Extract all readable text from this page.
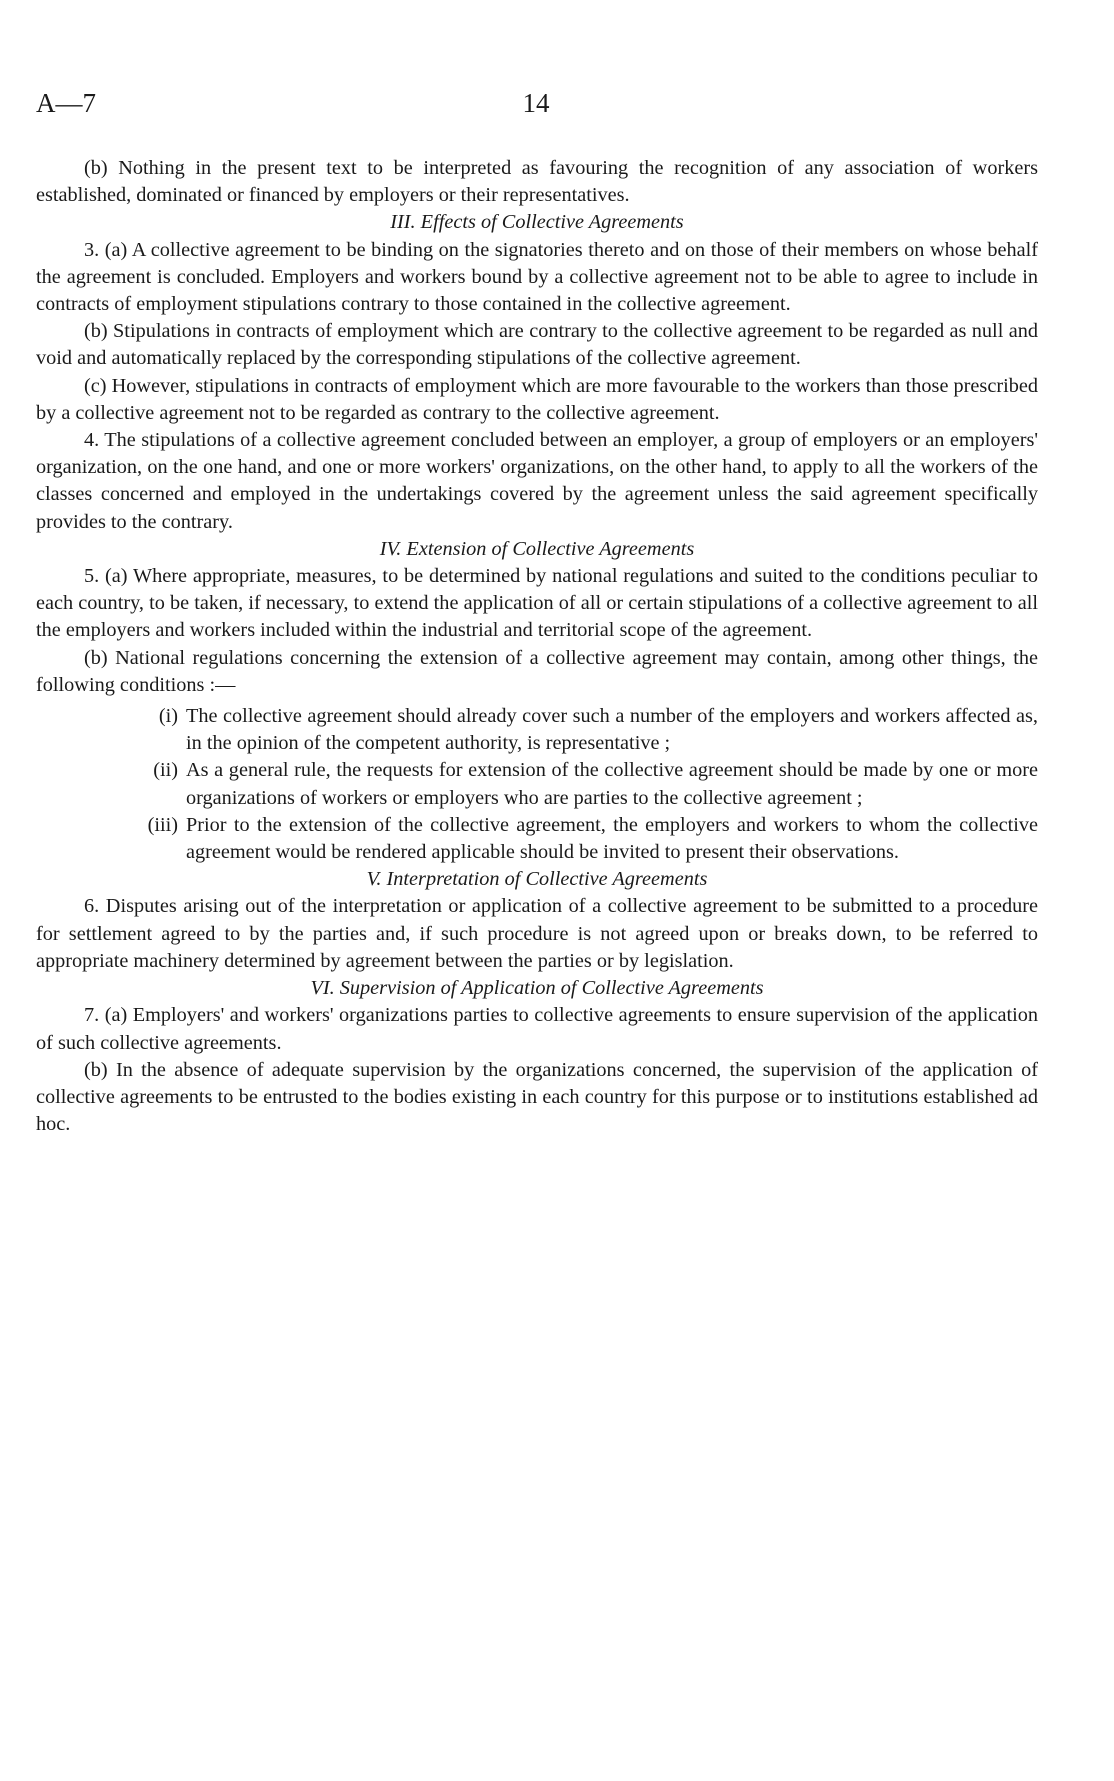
A—7	14

(b) Nothing in the present text to be interpreted as favouring the recognition of any association of workers established, dominated or financed by employers or their representatives.

III. Effects of Collective Agreements

3. (a) A collective agreement to be binding on the signatories thereto and on those of their members on whose behalf the agreement is concluded. Employers and workers bound by a collective agreement not to be able to agree to include in contracts of employment stipulations contrary to those contained in the collective agreement.

(b) Stipulations in contracts of employment which are contrary to the collective agreement to be regarded as null and void and automatically replaced by the corresponding stipulations of the collective agreement.

(c) However, stipulations in contracts of employment which are more favourable to the workers than those prescribed by a collective agreement not to be regarded as contrary to the collective agreement.

4. The stipulations of a collective agreement concluded between an employer, a group of employers or an employers' organization, on the one hand, and one or more workers' organizations, on the other hand, to apply to all the workers of the classes concerned and employed in the undertakings covered by the agreement unless the said agreement specifically provides to the contrary.

IV. Extension of Collective Agreements

5. (a) Where appropriate, measures, to be determined by national regulations and suited to the conditions peculiar to each country, to be taken, if necessary, to extend the application of all or certain stipulations of a collective agreement to all the employers and workers included within the industrial and territorial scope of the agreement.

(b) National regulations concerning the extension of a collective agreement may contain, among other things, the following conditions :—

(i) The collective agreement should already cover such a number of the employers and workers affected as, in the opinion of the competent authority, is representative ;
(ii) As a general rule, the requests for extension of the collective agreement should be made by one or more organizations of workers or employers who are parties to the collective agreement ;
(iii) Prior to the extension of the collective agreement, the employers and workers to whom the collective agreement would be rendered applicable should be invited to present their observations.

V. Interpretation of Collective Agreements

6. Disputes arising out of the interpretation or application of a collective agreement to be submitted to a procedure for settlement agreed to by the parties and, if such procedure is not agreed upon or breaks down, to be referred to appropriate machinery determined by agreement between the parties or by legislation.

VI. Supervision of Application of Collective Agreements

7. (a) Employers' and workers' organizations parties to collective agreements to ensure supervision of the application of such collective agreements.

(b) In the absence of adequate supervision by the organizations concerned, the supervision of the application of collective agreements to be entrusted to the bodies existing in each country for this purpose or to institutions established ad hoc.
